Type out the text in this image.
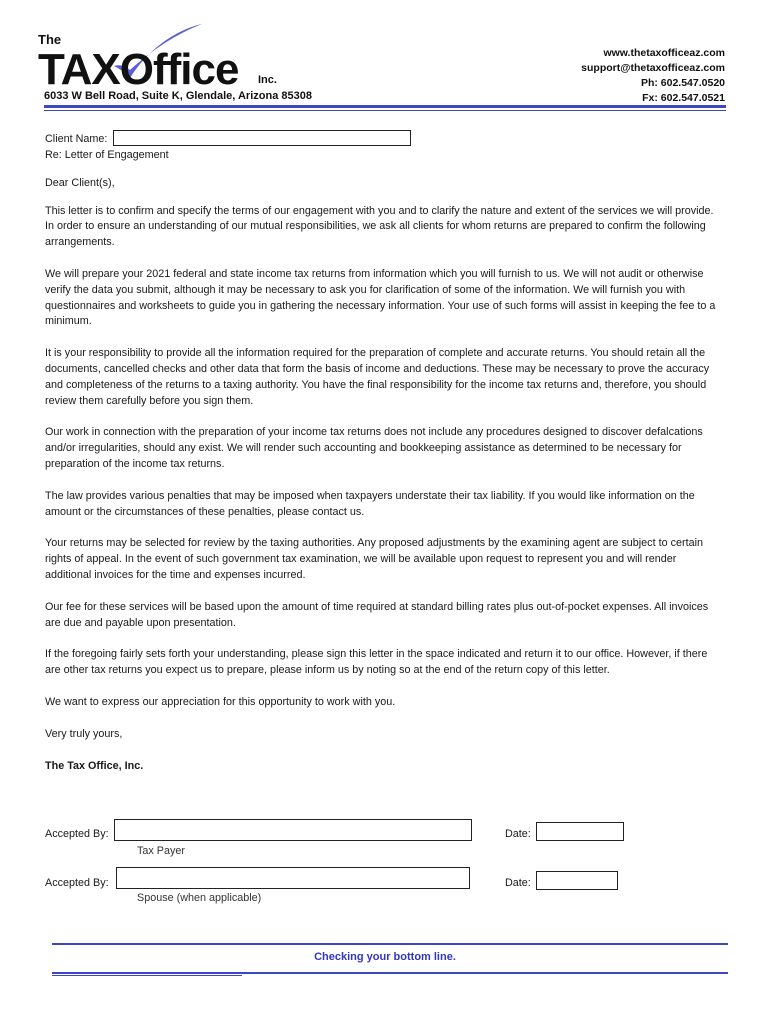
The
TAXOffice Inc.
6033 W Bell Road, Suite K, Glendale, Arizona 85308
www.thetaxofficeaz.com
support@thetaxofficeaz.com
Ph: 602.547.0520
Fx: 602.547.0521
Client Name:

Re: Letter of Engagement

Dear Client(s),

This letter is to confirm and specify the terms of our engagement with you and to clarify the nature and extent of the services we will provide. In order to ensure an understanding of our mutual responsibilities, we ask all clients for whom returns are prepared to confirm the following arrangements.

We will prepare your 2021 federal and state income tax returns from information which you will furnish to us. We will not audit or otherwise verify the data you submit, although it may be necessary to ask you for clarification of some of the information. We will furnish you with questionnaires and worksheets to guide you in gathering the necessary information. Your use of such forms will assist in keeping the fee to a minimum.

It is your responsibility to provide all the information required for the preparation of complete and accurate returns. You should retain all the documents, cancelled checks and other data that form the basis of income and deductions. These may be necessary to prove the accuracy and completeness of the returns to a taxing authority. You have the final responsibility for the income tax returns and, therefore, you should review them carefully before you sign them.

Our work in connection with the preparation of your income tax returns does not include any procedures designed to discover defalcations and/or irregularities, should any exist. We will render such accounting and bookkeeping assistance as determined to be necessary for preparation of the income tax returns.

The law provides various penalties that may be imposed when taxpayers understate their tax liability. If you would like information on the amount or the circumstances of these penalties, please contact us.

Your returns may be selected for review by the taxing authorities. Any proposed adjustments by the examining agent are subject to certain rights of appeal. In the event of such government tax examination, we will be available upon request to represent you and will render additional invoices for the time and expenses incurred.

Our fee for these services will be based upon the amount of time required at standard billing rates plus out-of-pocket expenses. All invoices are due and payable upon presentation.

If the foregoing fairly sets forth your understanding, please sign this letter in the space indicated and return it to our office. However, if there are other tax returns you expect us to prepare, please inform us by noting so at the end of the return copy of this letter.

We want to express our appreciation for this opportunity to work with you.

Very truly yours,

The Tax Office, Inc.

Accepted By:
Tax Payer
Date:
Accepted By:
Spouse (when applicable)
Date:
Checking your bottom line.
